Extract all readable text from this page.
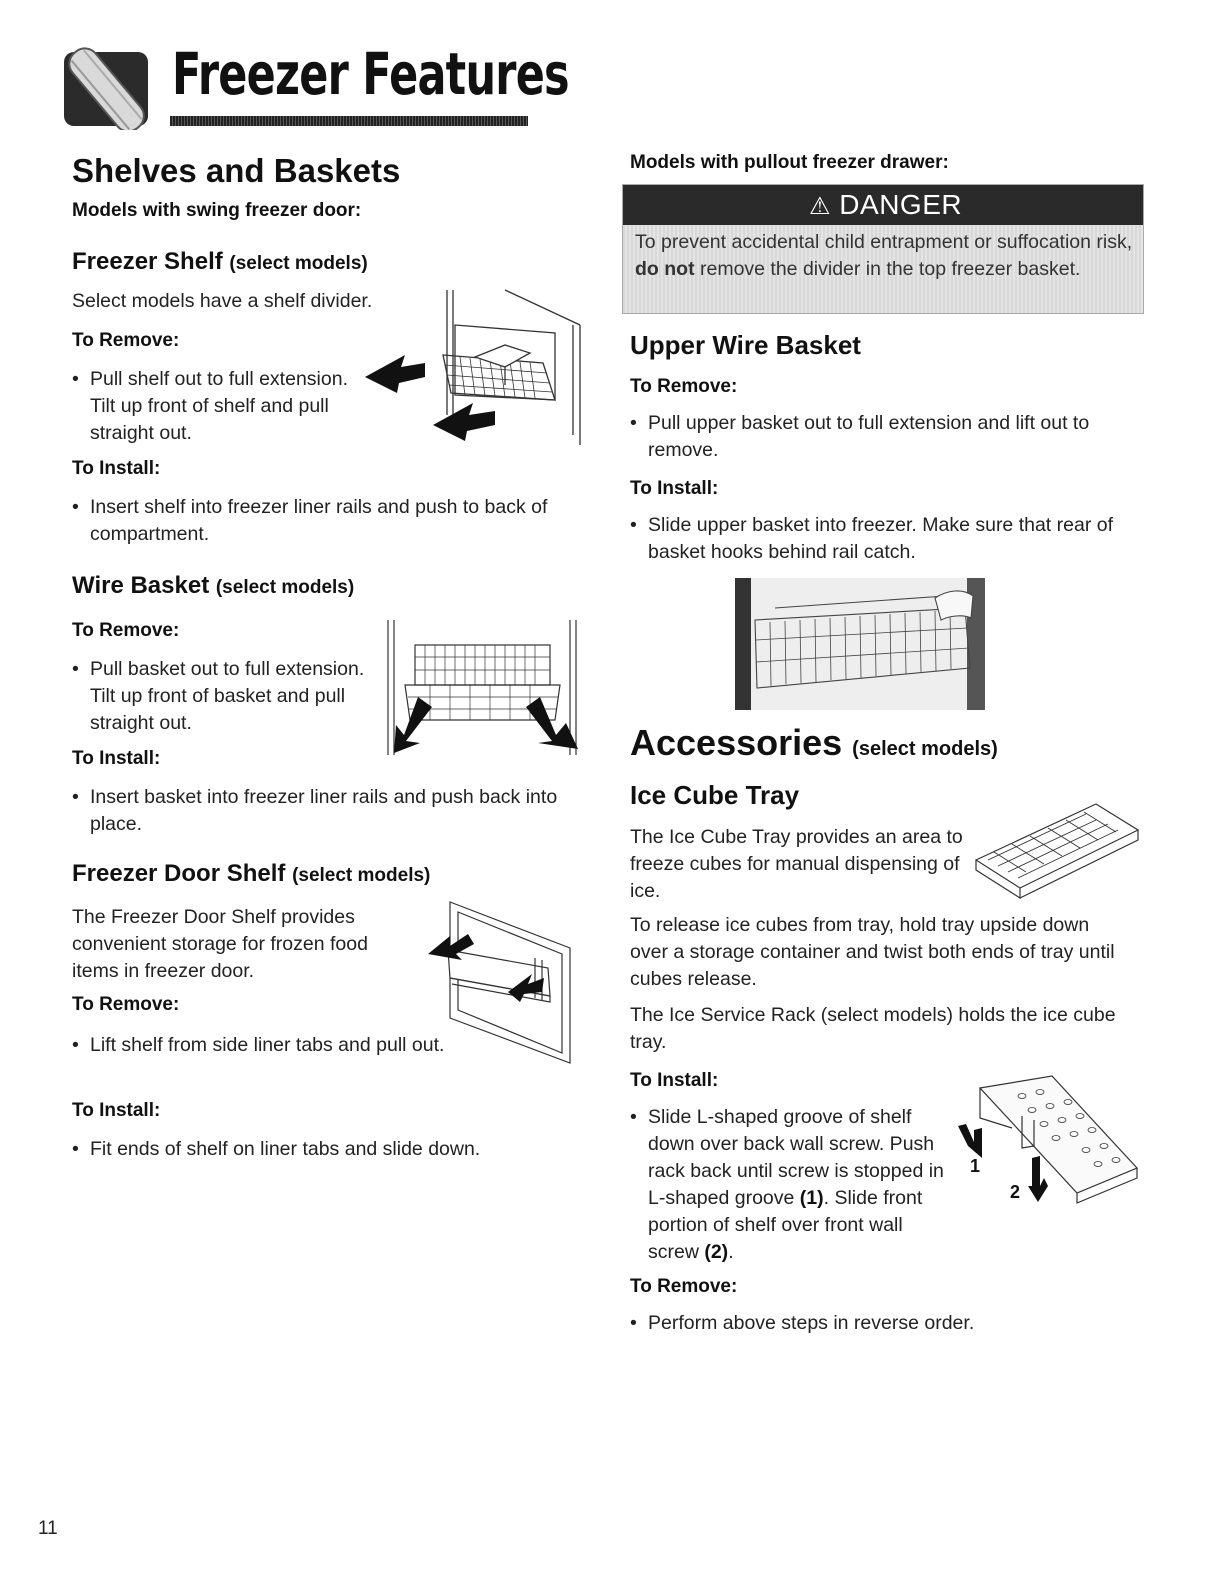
Freezer Features
Shelves and Baskets
Models with swing freezer door:
Freezer Shelf (select models)
Select models have a shelf divider.
To Remove:
• Pull shelf out to full extension. Tilt up front of shelf and pull straight out.
To Install:
• Insert shelf into freezer liner rails and push to back of compartment.
Wire Basket (select models)
To Remove:
• Pull basket out to full extension. Tilt up front of basket and pull straight out.
To Install:
• Insert basket into freezer liner rails and push back into place.
Freezer Door Shelf (select models)
The Freezer Door Shelf provides convenient storage for frozen food items in freezer door.
To Remove:
• Lift shelf from side liner tabs and pull out.
To Install:
• Fit ends of shelf on liner tabs and slide down.
Models with pullout freezer drawer:
⚠ DANGER
To prevent accidental child entrapment or suffocation risk, do not remove the divider in the top freezer basket.
Upper Wire Basket
To Remove:
• Pull upper basket out to full extension and lift out to remove.
To Install:
• Slide upper basket into freezer. Make sure that rear of basket hooks behind rail catch.
Accessories (select models)
Ice Cube Tray
The Ice Cube Tray provides an area to freeze cubes for manual dispensing of ice.
To release ice cubes from tray, hold tray upside down over a storage container and twist both ends of tray until cubes release.
The Ice Service Rack (select models) holds the ice cube tray.
To Install:
• Slide L-shaped groove of shelf down over back wall screw. Push rack back until screw is stopped in L-shaped groove (1). Slide front portion of shelf over front wall screw (2).
1
2
To Remove:
• Perform above steps in reverse order.
11
